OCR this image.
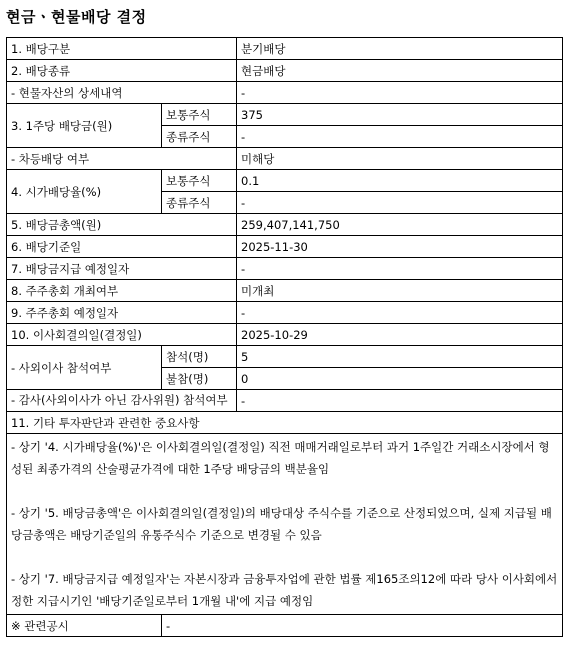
현금ㆍ현물배당 결정
1. 배당구분		분기배당
2. 배당종류		현금배당
- 현물자산의 상세내역		-
3. 1주당 배당금(원)	보통주식	375
	종류주식	-
- 차등배당 여부		미해당
4. 시가배당율(%)	보통주식	0.1
	종류주식	-
5. 배당금총액(원)		259,407,141,750
6. 배당기준일		2025-11-30
7. 배당금지급 예정일자		-
8. 주주총회 개최여부		미개최
9. 주주총회 예정일자		-
10. 이사회결의일(결정일)		2025-10-29
- 사외이사 참석여부	참석(명)	5
	불참(명)	0
- 감사(사외이사가 아닌 감사위원) 참석여부		-
11. 기타 투자판단과 관련한 중요사항		

- 상기 '4. 시가배당율(%)'은 이사회결의일(결정일) 직전 매매거래일로부터 과거 1주일간 거래소시장에서 형성된 최종가격의 산술평균가격에 대한 1주당 배당금의 백분율임

- 상기 '5. 배당금총액'은 이사회결의일(결정일)의 배당대상 주식수를 기준으로 산정되었으며, 실제 지급될 배당금총액은 배당기준일의 유통주식수 기준으로 변경될 수 있음

- 상기 '7. 배당금지급 예정일자'는 자본시장과 금융투자업에 관한 법률 제165조의12에 따라 당사 이사회에서 정한 지급시기인 '배당기준일로부터 1개월 내'에 지급 예정임		

※ 관련공시	-	
